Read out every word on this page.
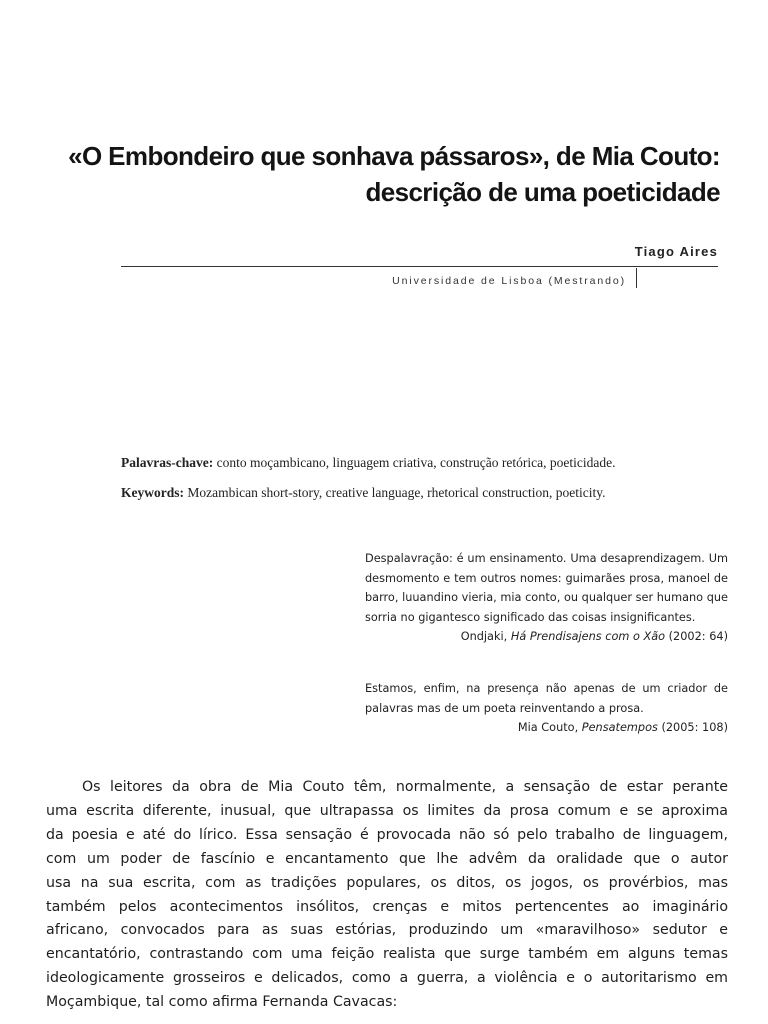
«O Embondeiro que sonhava pássaros», de Mia Couto:
descrição de uma poeticidade
Tiago Aires
Universidade de Lisboa (Mestrando)

Palavras-chave: conto moçambicano, linguagem criativa, construção retórica, poeticidade.

Keywords: Mozambican short-story, creative language, rhetorical construction, poeticity.

Despalavração: é um ensinamento. Uma desaprendizagem. Um desmomento e tem outros nomes: guimarães prosa, manoel de barro, luuandino vieria, mia conto, ou qualquer ser humano que sorria no gigantesco significado das coisas insignificantes.

Ondjaki, Há Prendisajens com o Xão (2002: 64)

Estamos, enfim, na presença não apenas de um criador de palavras mas de um poeta reinventando a prosa.

Mia Couto, Pensatempos (2005: 108)

Os leitores da obra de Mia Couto têm, normalmente, a sensação de estar perante
uma escrita diferente, inusual, que ultrapassa os limites da prosa comum e se aproxima
da poesia e até do lírico. Essa sensação é provocada não só pelo trabalho de linguagem,
com um poder de fascínio e encantamento que lhe advêm da oralidade que o autor
usa na sua escrita, com as tradições populares, os ditos, os jogos, os provérbios, mas
também pelos acontecimentos insólitos, crenças e mitos pertencentes ao imaginário
africano, convocados para as suas estórias, produzindo um «maravilhoso» sedutor e
encantatório, contrastando com uma feição realista que surge também em alguns temas
ideologicamente grosseiros e delicados, como a guerra, a violência e o autoritarismo em
Moçambique, tal como afirma Fernanda Cavacas:
